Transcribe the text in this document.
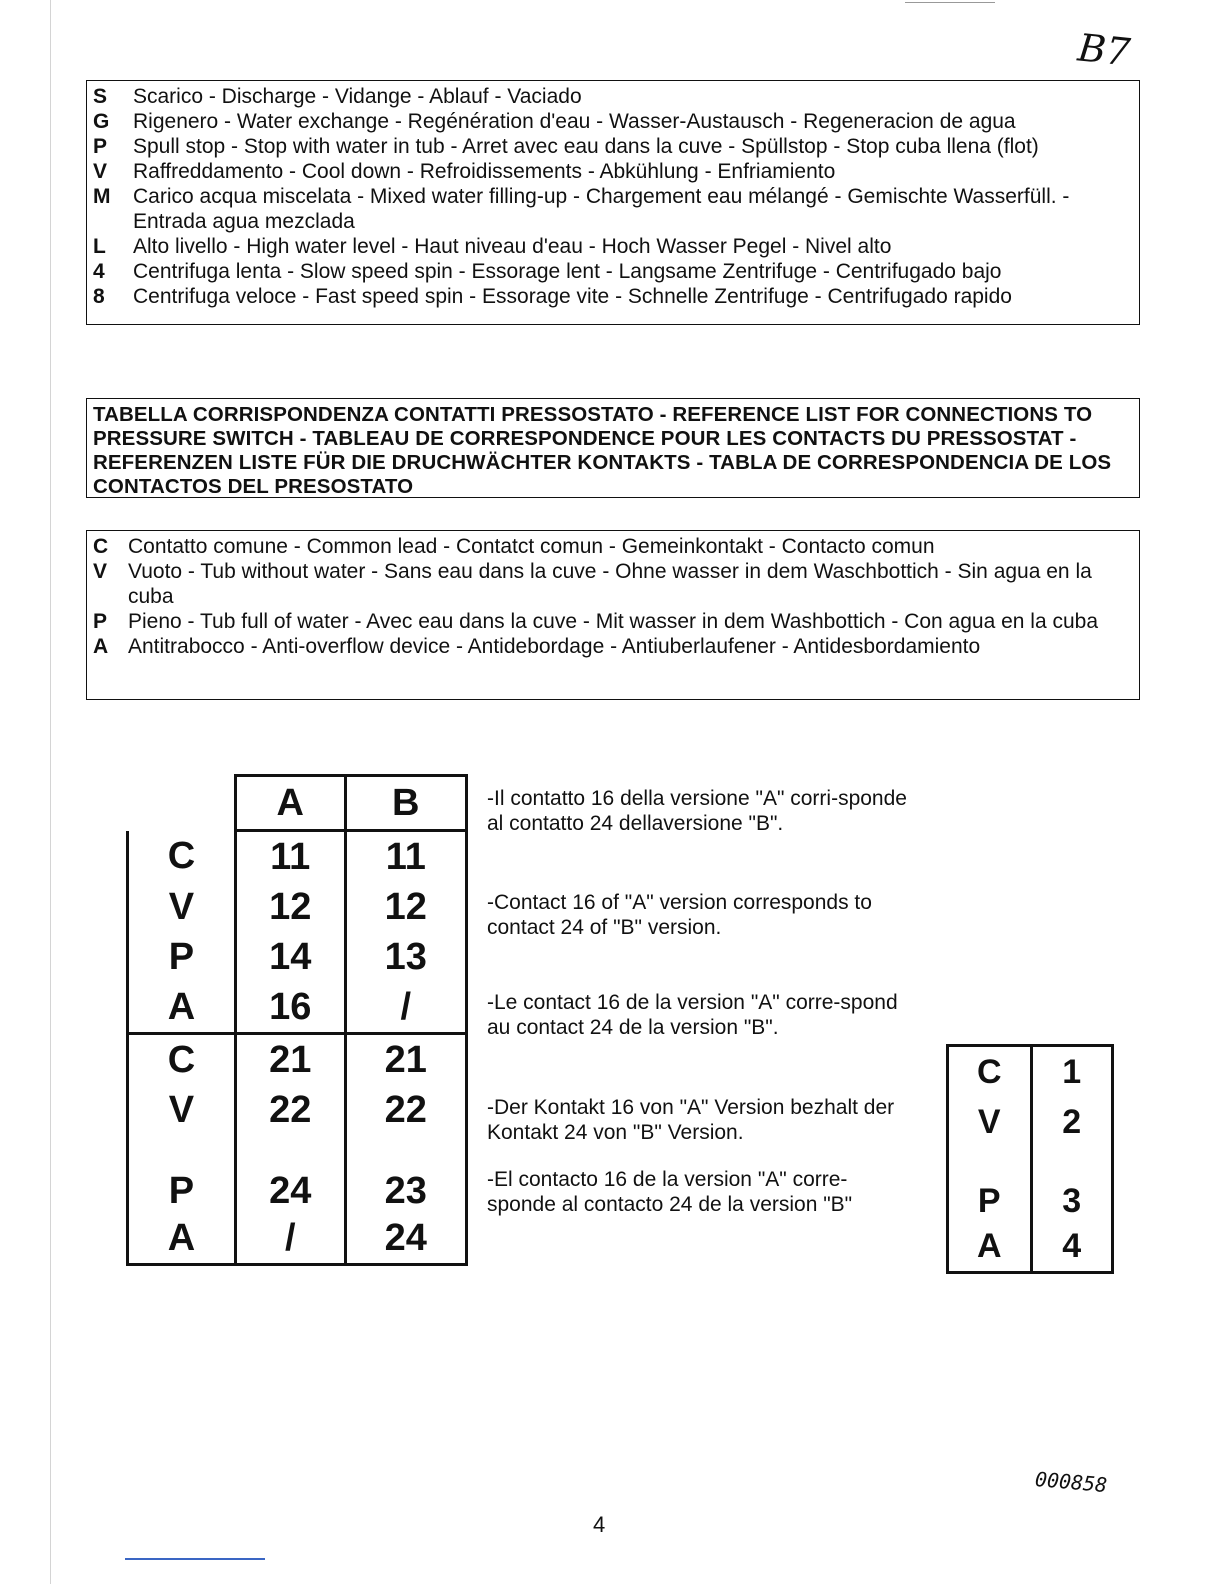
B7
S	Scarico - Discharge - Vidange - Ablauf - Vaciado
G	Rigenero - Water exchange - Regénération d'eau - Wasser-Austausch - Regeneracion de agua
P	Spull stop - Stop with water in tub - Arret avec eau dans la cuve - Spüllstop - Stop cuba llena (flot)
V	Raffreddamento - Cool down - Refroidissements - Abkühlung - Enfriamiento
M	Carico acqua miscelata - Mixed water filling-up - Chargement eau mélangé - Gemischte Wasserfüll. -Entrada agua mezclada
L	Alto livello - High water level - Haut niveau d'eau - Hoch Wasser Pegel - Nivel alto
4	Centrifuga lenta - Slow speed spin - Essorage lent - Langsame Zentrifuge - Centrifugado bajo
8	Centrifuga veloce - Fast speed spin - Essorage vite - Schnelle Zentrifuge - Centrifugado rapido
TABELLA CORRISPONDENZA CONTATTI PRESSOSTATO - REFERENCE LIST FOR CONNECTIONS TO PRESSURE SWITCH - TABLEAU DE CORRESPONDENCE POUR LES CONTACTS DU PRESSOSTAT - REFERENZEN LISTE FÜR DIE DRUCHWÄCHTER KONTAKTS - TABLA DE CORRESPONDENCIA DE LOS CONTACTOS DEL PRESOSTATO
C Contatto comune - Common lead - Contatct comun - Gemeinkontakt - Contacto comun
V Vuoto - Tub without water - Sans eau dans la cuve - Ohne wasser in dem Waschbottich - Sin agua en la cuba
P Pieno - Tub full of water - Avec eau dans la cuve - Mit wasser in dem Washbottich - Con agua en la cuba
A Antitrabocco - Anti-overflow device - Antidebordage - Antiuberlaufener - Antidesbordamiento
	A	B
C	11	11
V	12	12
P	14	13
A	16	/
C	21	21
V	22	22
P	24	23
A	/	24
-Il contatto 16 della versione "A" corri-sponde al contatto 24 dellaversione "B".
-Contact 16 of "A" version corresponds to contact 24 of "B" version.
-Le contact 16 de la version "A" corre-spond au contact 24 de la version "B".
-Der Kontakt 16 von "A" Version bezhalt der Kontakt 24 von "B" Version.
-El contacto 16 de la version "A" corre-sponde al contacto 24 de la version "B"
C	1
V	2
P	3
A	4
000858
4
